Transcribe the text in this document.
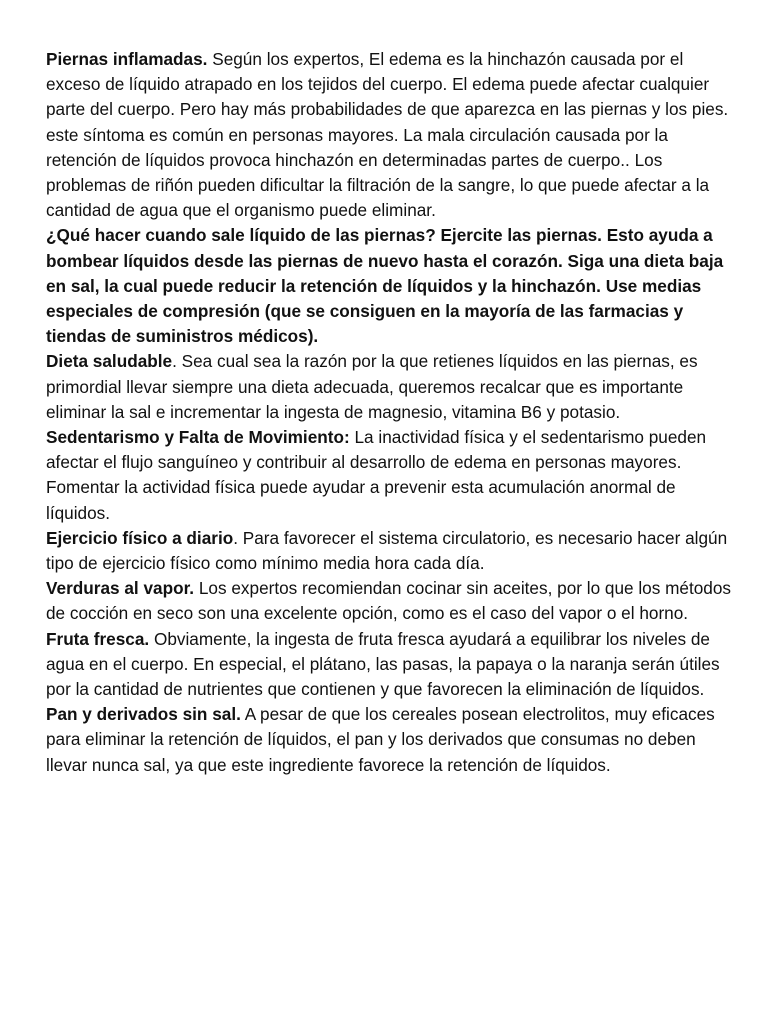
Piernas inflamadas. Según los expertos, El edema es la hinchazón causada por el exceso de líquido atrapado en los tejidos del cuerpo. El edema puede afectar cualquier parte del cuerpo. Pero hay más probabilidades de que aparezca en las piernas y los pies. este síntoma es común en personas mayores. La mala circulación causada por la retención de líquidos provoca hinchazón en determinadas partes de cuerpo.. Los problemas de riñón pueden dificultar la filtración de la sangre, lo que puede afectar a la cantidad de agua que el organismo puede eliminar.

¿Qué hacer cuando sale líquido de las piernas? Ejercite las piernas. Esto ayuda a bombear líquidos desde las piernas de nuevo hasta el corazón. Siga una dieta baja en sal, la cual puede reducir la retención de líquidos y la hinchazón. Use medias especiales de compresión (que se consiguen en la mayoría de las farmacias y tiendas de suministros médicos).

Dieta saludable. Sea cual sea la razón por la que retienes líquidos en las piernas, es primordial llevar siempre una dieta adecuada, queremos recalcar que es importante eliminar la sal e incrementar la ingesta de magnesio, vitamina B6 y potasio.

Sedentarismo y Falta de Movimiento: La inactividad física y el sedentarismo pueden afectar el flujo sanguíneo y contribuir al desarrollo de edema en personas mayores. Fomentar la actividad física puede ayudar a prevenir esta acumulación anormal de líquidos.

Ejercicio físico a diario. Para favorecer el sistema circulatorio, es necesario hacer algún tipo de ejercicio físico como mínimo media hora cada día.

Verduras al vapor. Los expertos recomiendan cocinar sin aceites, por lo que los métodos de cocción en seco son una excelente opción, como es el caso del vapor o el horno.

Fruta fresca. Obviamente, la ingesta de fruta fresca ayudará a equilibrar los niveles de agua en el cuerpo. En especial, el plátano, las pasas, la papaya o la naranja serán útiles por la cantidad de nutrientes que contienen y que favorecen la eliminación de líquidos.

Pan y derivados sin sal. A pesar de que los cereales posean electrolitos, muy eficaces para eliminar la retención de líquidos, el pan y los derivados que consumas no deben llevar nunca sal, ya que este ingrediente favorece la retención de líquidos.
